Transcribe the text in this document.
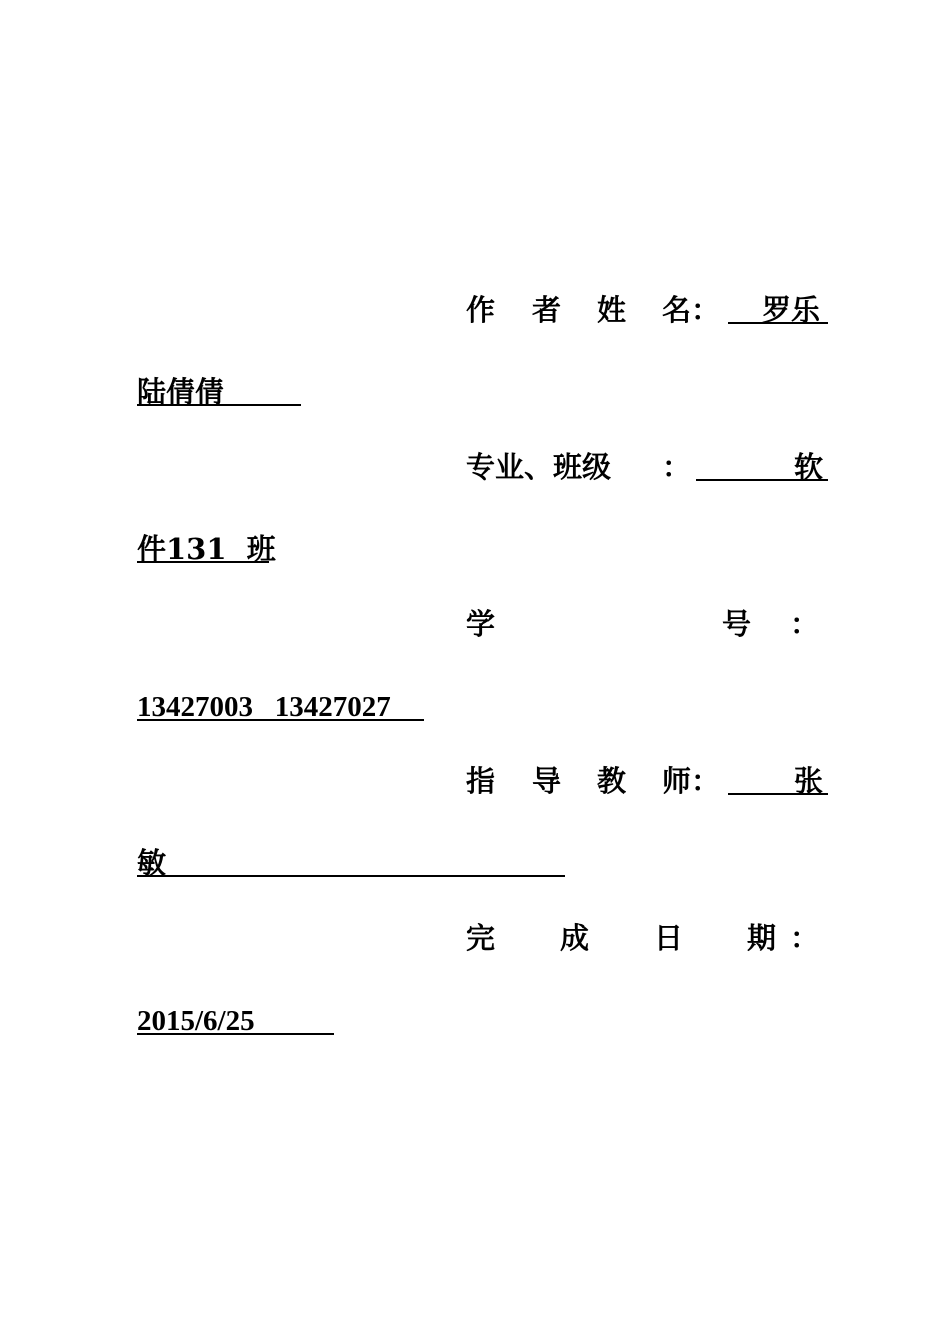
作 者 姓 名： 罗乐
陆倩倩
专业、班级 ：	软
件131  班
学	号 ：
13427003   13427027
指 导 教 师：	张
敏
完 成 日 期 ：
2015/6/25
